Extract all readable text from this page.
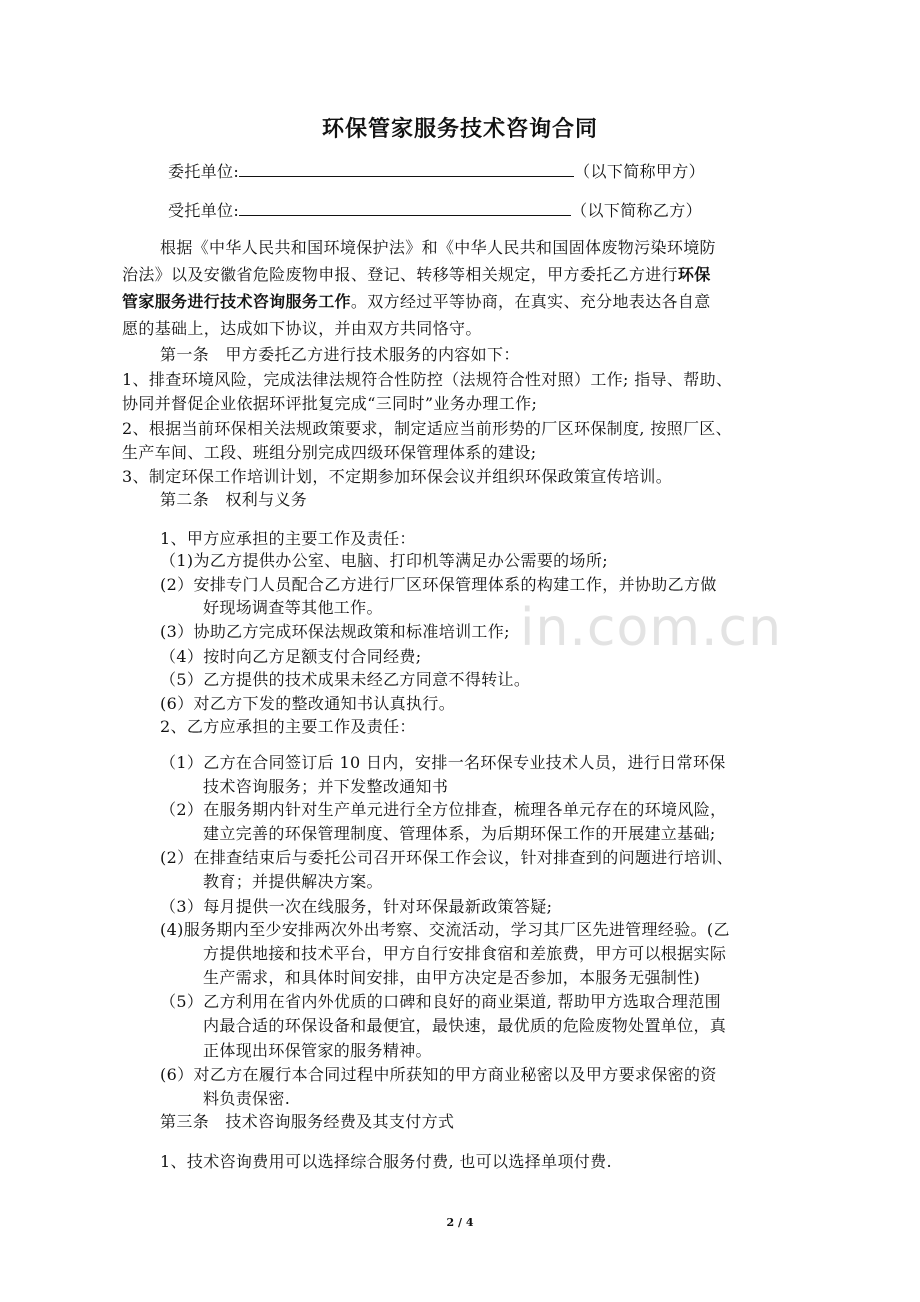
环保管家服务技术咨询合同
委托单位:	（以下简称甲方）
受托单位:	（以下简称乙方）
根据《中华人民共和国环境保护法》和《中华人民共和国固体废物污染环境防
治法》以及安徽省危险废物申报、登记、转移等相关规定，甲方委托乙方进行环保
管家服务进行技术咨询服务工作。双方经过平等协商，在真实、充分地表达各自意
愿的基础上，达成如下协议，并由双方共同恪守。
第一条　甲方委托乙方进行技术服务的内容如下：
1、排查环境风险，完成法律法规符合性防控（法规符合性对照）工作; 指导、帮助、
协同并督促企业依据环评批复完成“三同时”业务办理工作;
2、根据当前环保相关法规政策要求，制定适应当前形势的厂区环保制度, 按照厂区、
生产车间、工段、班组分别完成四级环保管理体系的建设;
3、制定环保工作培训计划，不定期参加环保会议并组织环保政策宣传培训。
第二条　权利与义务
1、甲方应承担的主要工作及责任：
（1)为乙方提供办公室、电脑、打印机等满足办公需要的场所;
(2）安排专门人员配合乙方进行厂区环保管理体系的构建工作，并协助乙方做
好现场调查等其他工作。
(3）协助乙方完成环保法规政策和标准培训工作;
（4）按时向乙方足额支付合同经费;
（5）乙方提供的技术成果未经乙方同意不得转让。
(6）对乙方下发的整改通知书认真执行。
2、乙方应承担的主要工作及责任：
（1）乙方在合同签订后 10 日内，安排一名环保专业技术人员，进行日常环保
技术咨询服务；并下发整改通知书
（2）在服务期内针对生产单元进行全方位排查，梳理各单元存在的环境风险，
建立完善的环保管理制度、管理体系，为后期环保工作的开展建立基础;
(2）在排查结束后与委托公司召开环保工作会议，针对排查到的问题进行培训、
教育；并提供解决方案。
（3）每月提供一次在线服务，针对环保最新政策答疑;
(4)服务期内至少安排两次外出考察、交流活动，学习其厂区先进管理经验。(乙
方提供地接和技术平台，甲方自行安排食宿和差旅费，甲方可以根据实际
生产需求，和具体时间安排，由甲方决定是否参加，本服务无强制性)
（5）乙方利用在省内外优质的口碑和良好的商业渠道, 帮助甲方选取合理范围
内最合适的环保设备和最便宜，最快速，最优质的危险废物处置单位，真
正体现出环保管家的服务精神。
(6）对乙方在履行本合同过程中所获知的甲方商业秘密以及甲方要求保密的资
料负责保密.
第三条　技术咨询服务经费及其支付方式
1、技术咨询费用可以选择综合服务付费, 也可以选择单项付费.
in.com.cn
2 / 4
